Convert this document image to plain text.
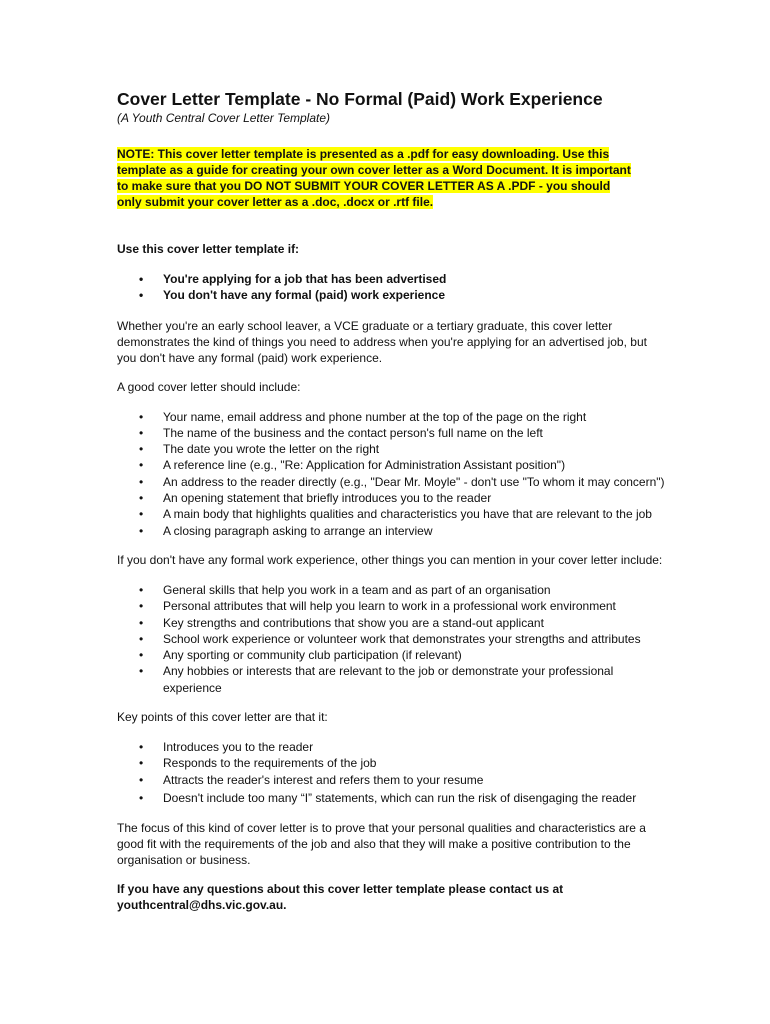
Cover Letter Template - No Formal (Paid) Work Experience

(A Youth Central Cover Letter Template)

NOTE: This cover letter template is presented as a .pdf for easy downloading. Use this template as a guide for creating your own cover letter as a Word Document. It is important to make sure that you DO NOT SUBMIT YOUR COVER LETTER AS A .PDF - you should only submit your cover letter as a .doc, .docx or .rtf file.
Use this cover letter template if:
• You're applying for a job that has been advertised
• You don't have any formal (paid) work experience

Whether you're an early school leaver, a VCE graduate or a tertiary graduate, this cover letter demonstrates the kind of things you need to address when you're applying for an advertised job, but you don't have any formal (paid) work experience.

A good cover letter should include:

• Your name, email address and phone number at the top of the page on the right
• The name of the business and the contact person's full name on the left
• The date you wrote the letter on the right
• A reference line (e.g., "Re: Application for Administration Assistant position")
• An address to the reader directly (e.g., "Dear Mr. Moyle" - don't use "To whom it may concern")
• An opening statement that briefly introduces you to the reader
• A main body that highlights qualities and characteristics you have that are relevant to the job
• A closing paragraph asking to arrange an interview

If you don't have any formal work experience, other things you can mention in your cover letter include:

• General skills that help you work in a team and as part of an organisation
• Personal attributes that will help you learn to work in a professional work environment
• Key strengths and contributions that show you are a stand-out applicant
• School work experience or volunteer work that demonstrates your strengths and attributes
• Any sporting or community club participation (if relevant)
• Any hobbies or interests that are relevant to the job or demonstrate your professional experience

Key points of this cover letter are that it:

• Introduces you to the reader
• Responds to the requirements of the job
• Attracts the reader's interest and refers them to your resume
• Doesn't include too many “I” statements, which can run the risk of disengaging the reader

The focus of this kind of cover letter is to prove that your personal qualities and characteristics are a good fit with the requirements of the job and also that they will make a positive contribution to the organisation or business.

If you have any questions about this cover letter template please contact us at youthcentral@dhs.vic.gov.au.
